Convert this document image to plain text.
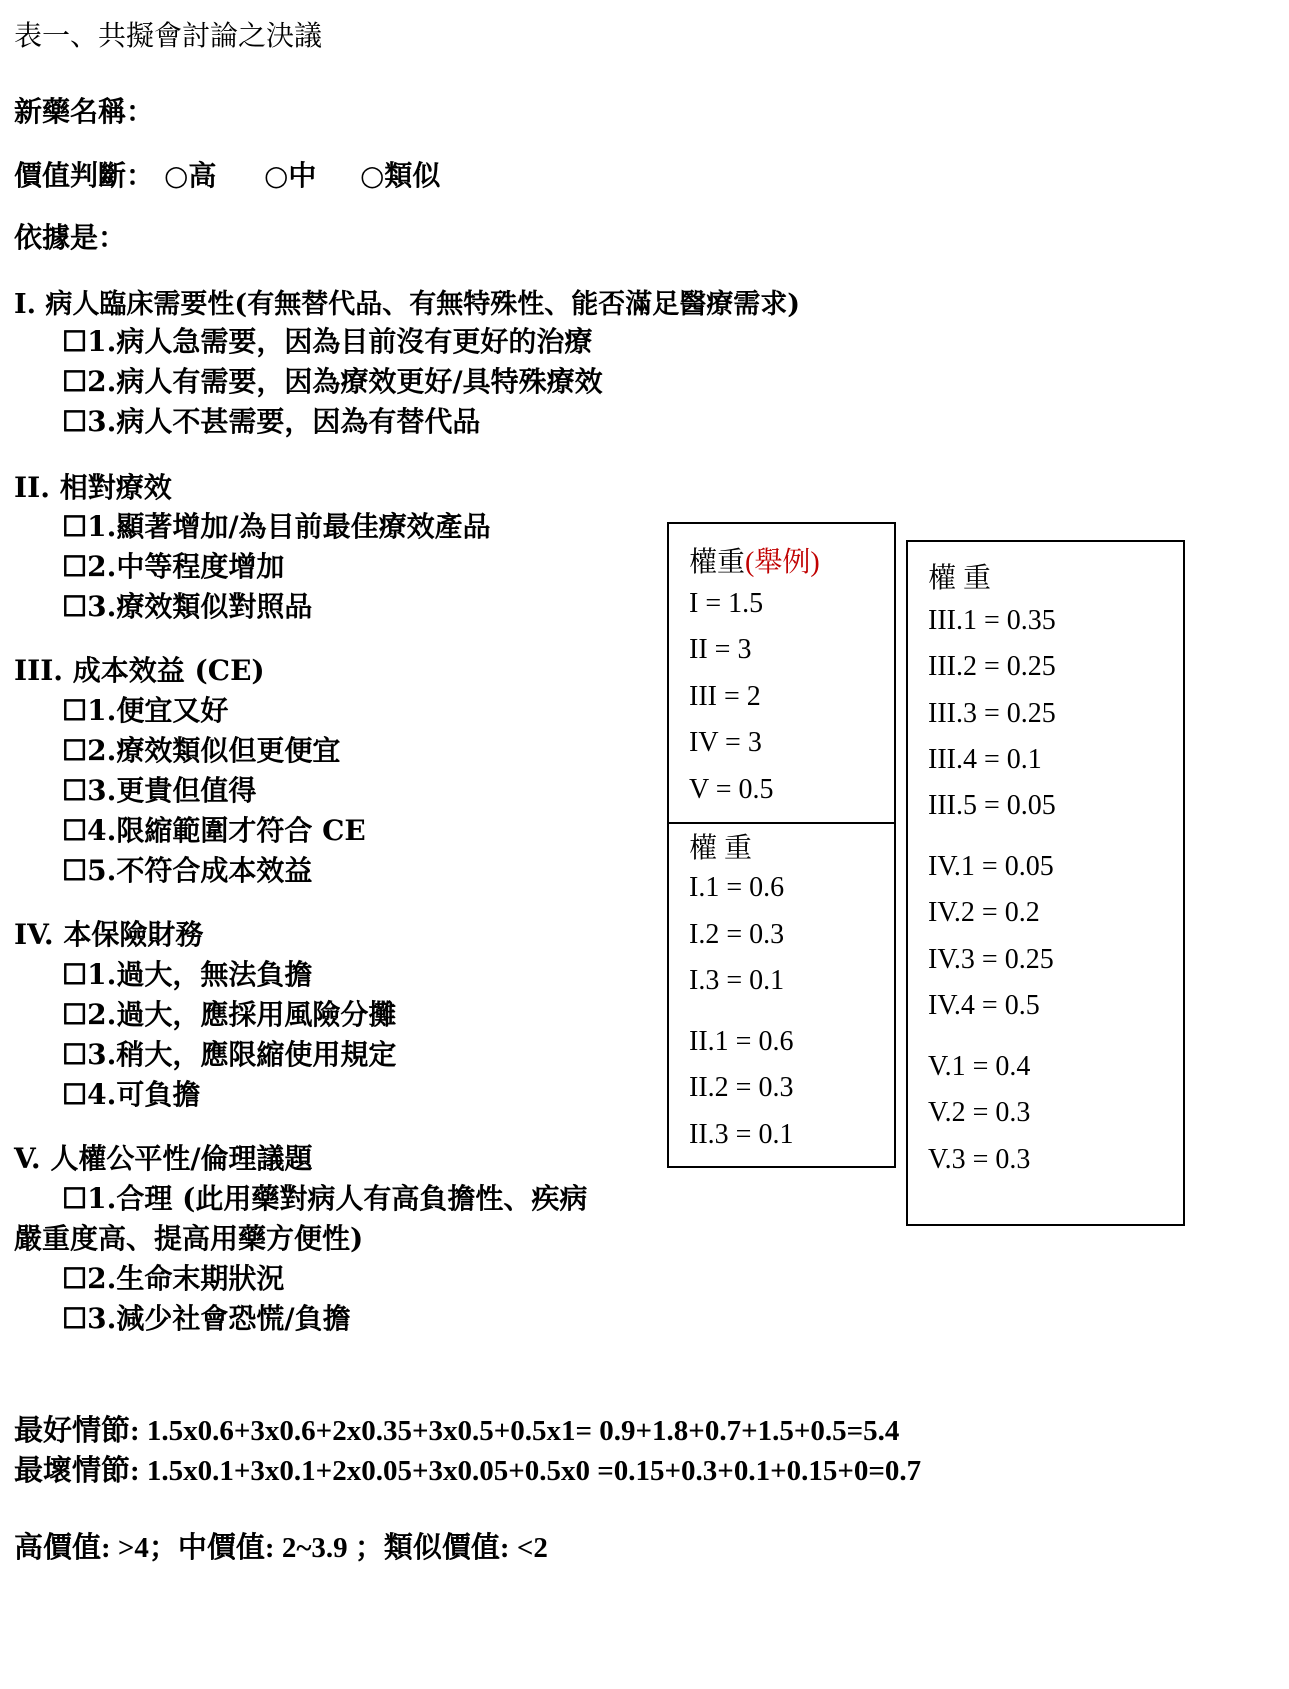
表一、共擬會討論之決議
新藥名稱：
價值判斷： ○高 ○中 ○類似
依據是：
I. 病人臨床需要性(有無替代品、有無特殊性、能否滿足醫療需求)
☐1.病人急需要，因為目前沒有更好的治療
☐2.病人有需要，因為療效更好/具特殊療效
☐3.病人不甚需要，因為有替代品
II. 相對療效
☐1.顯著增加/為目前最佳療效產品
☐2.中等程度增加
☐3.療效類似對照品
III. 成本效益 (CE)
☐1.便宜又好
☐2.療效類似但更便宜
☐3.更貴但值得
☐4.限縮範圍才符合 CE
☐5.不符合成本效益
IV. 本保險財務
☐1.過大，無法負擔
☐2.過大，應採用風險分攤
☐3.稍大，應限縮使用規定
☐4.可負擔
V. 人權公平性/倫理議題
☐1.合理 (此用藥對病人有高負擔性、疾病
嚴重度高、提高用藥方便性)
☐2.生命末期狀況
☐3.減少社會恐慌/負擔
權重(舉例)
I = 1.5
II = 3
III = 2
IV = 3
V = 0.5
權 重
I.1 = 0.6
I.2 = 0.3
I.3 = 0.1
II.1 = 0.6
II.2 = 0.3
II.3 = 0.1
權 重
III.1 = 0.35
III.2 = 0.25
III.3 = 0.25
III.4 = 0.1
III.5 = 0.05
IV.1 = 0.05
IV.2 = 0.2
IV.3 = 0.25
IV.4 = 0.5
V.1 = 0.4
V.2 = 0.3
V.3 = 0.3
最好情節: 1.5x0.6+3x0.6+2x0.35+3x0.5+0.5x1= 0.9+1.8+0.7+1.5+0.5=5.4
最壞情節: 1.5x0.1+3x0.1+2x0.05+3x0.05+0.5x0 =0.15+0.3+0.1+0.15+0=0.7
高價值: >4；中價值: 2~3.9 ；類似價值: <2
